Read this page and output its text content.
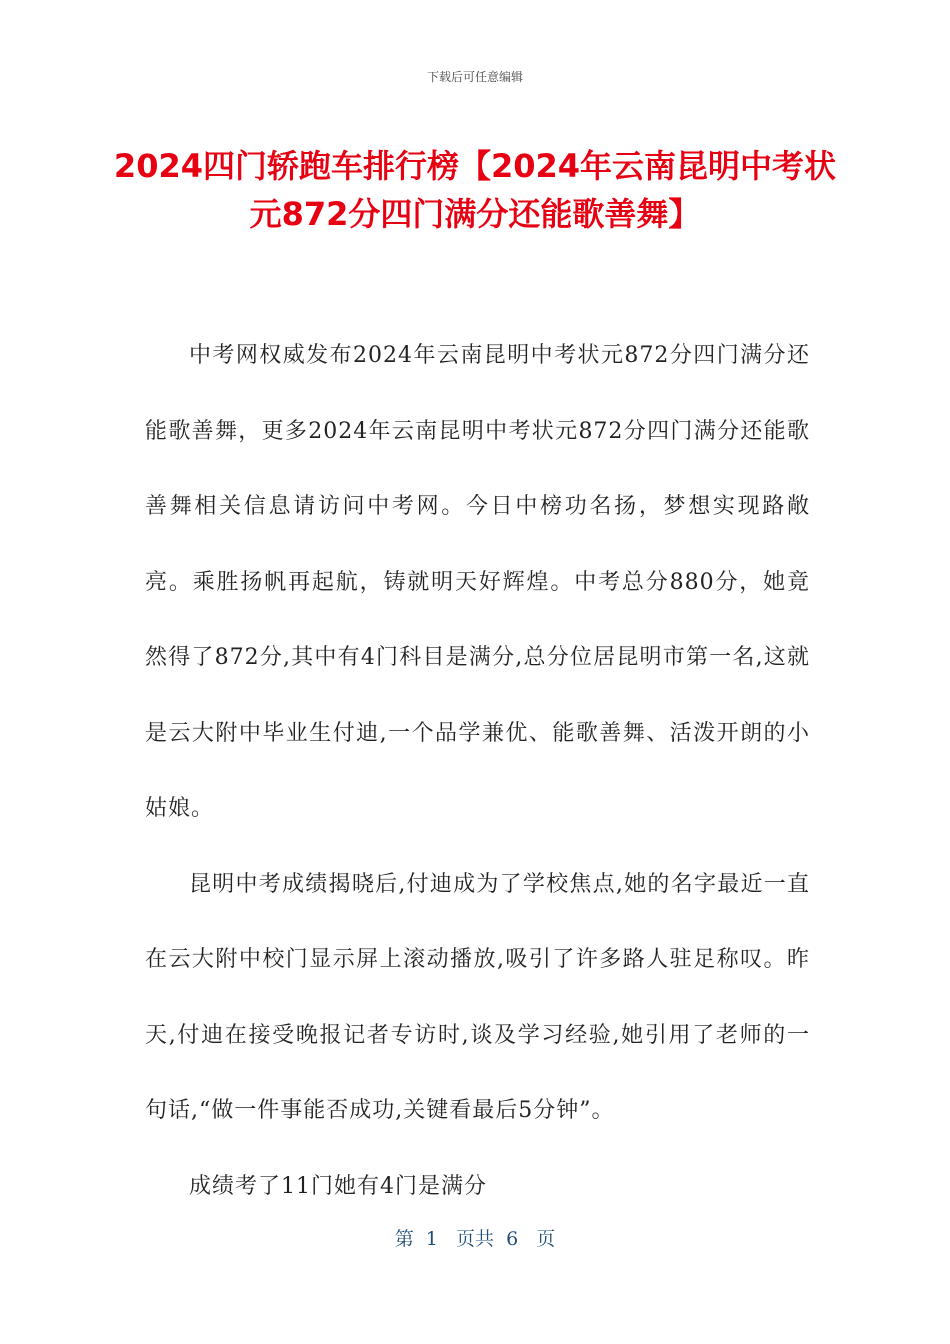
下载后可任意编辑
2024四门轿跑车排行榜【2024年云南昆明中考状元872分四门满分还能歌善舞】

中考网权威发布2024年云南昆明中考状元872分四门满分还能歌善舞，更多2024年云南昆明中考状元872分四门满分还能歌善舞相关信息请访问中考网。今日中榜功名扬，梦想实现路敞亮。乘胜扬帆再起航，铸就明天好辉煌。中考总分880分，她竟然得了872分,其中有4门科目是满分,总分位居昆明市第一名,这就是云大附中毕业生付迪,一个品学兼优、能歌善舞、活泼开朗的小姑娘。

昆明中考成绩揭晓后,付迪成为了学校焦点,她的名字最近一直在云大附中校门显示屏上滚动播放,吸引了许多路人驻足称叹。昨天,付迪在接受晚报记者专访时,谈及学习经验,她引用了老师的一句话,“做一件事能否成功,关键看最后5分钟”。

成绩考了11门她有4门是满分

第  1   页共  6   页
